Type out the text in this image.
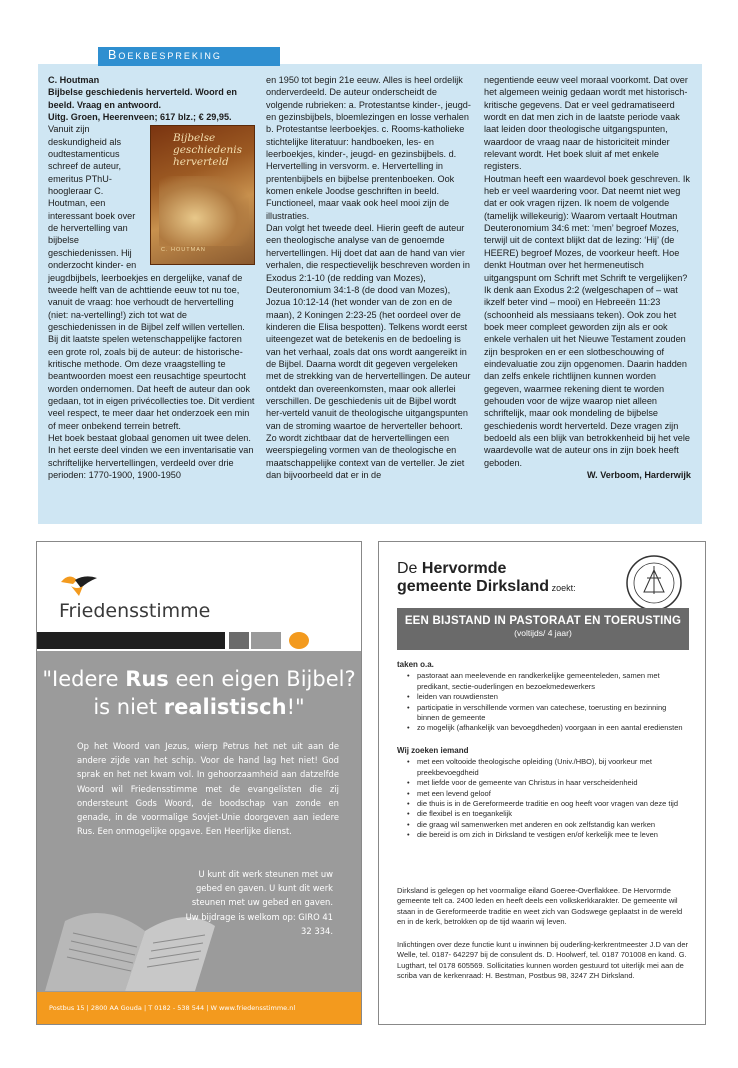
Boekbespreking

C. Houtman

Bijbelse geschiedenis herverteld. Woord en beeld. Vraag en antwoord.

Uitg. Groen, Heerenveen; 617 blz.; € 29,95.

Bijbelse geschiedenis herverteld
C. HOUTMAN

Vanuit zijn deskundigheid als oudtestamenticus schreef de auteur, emeritus PThU-hoogleraar C. Houtman, een interessant boek over de hervertelling van bijbelse geschiedenissen. Hij onderzocht kinder- en jeugdbijbels, leerboekjes en dergelijke, vanaf de tweede helft van de achttiende eeuw tot nu toe, vanuit de vraag: hoe verhoudt de hervertelling (niet: na-vertelling!) zich tot wat de geschiedenissen in de Bijbel zelf willen vertellen. Bij dit laatste spelen wetenschappelijke factoren een grote rol, zoals bij de auteur: de historische-kritische methode. Om deze vraagstelling te beantwoorden moest een reusachtige speurtocht worden ondernomen. Dat heeft de auteur dan ook gedaan, tot in eigen privécollecties toe. Dit verdient veel respect, te meer daar het onderzoek een min of meer onbekend terrein betreft.

Het boek bestaat globaal genomen uit twee delen. In het eerste deel vinden we een inventarisatie van schriftelijke hervertellingen, verdeeld over drie perioden: 1770-1900, 1900-1950

en 1950 tot begin 21e eeuw. Alles is heel ordelijk onderverdeeld. De auteur onderscheidt de volgende rubrieken: a. Protestantse kinder-, jeugd- en gezinsbijbels, bloemlezingen en losse verhalen b. Protestantse leerboekjes. c. Rooms-katholieke stichtelijke literatuur: handboeken, les- en leerboekjes, kinder-, jeugd- en gezinsbijbels. d. Hervertelling in versvorm. e. Hervertelling in prentenbijbels en bijbelse prentenboeken. Ook komen enkele Joodse geschriften in beeld. Functioneel, maar vaak ook heel mooi zijn de illustraties.

Dan volgt het tweede deel. Hierin geeft de auteur een theologische analyse van de genoemde hervertellingen. Hij doet dat aan de hand van vier verhalen, die respectievelijk beschreven worden in Exodus 2:1-10 (de redding van Mozes), Deuteronomium 34:1-8 (de dood van Mozes), Jozua 10:12-14 (het wonder van de zon en de maan), 2 Koningen 2:23-25 (het oordeel over de kinderen die Elisa bespotten). Telkens wordt eerst uiteengezet wat de betekenis en de bedoeling is van het verhaal, zoals dat ons wordt aangereikt in de Bijbel. Daarna wordt dit gegeven vergeleken met de strekking van de hervertellingen. De auteur ontdekt dan overeenkomsten, maar ook allerlei verschillen. De geschiedenis uit de Bijbel wordt her-verteld vanuit de theologische uitgangspunten van de stroming waartoe de herverteller behoort. Zo wordt zichtbaar dat de hervertellingen een weerspiegeling vormen van de theologische en maatschappelijke context van de verteller. Je ziet dan bijvoorbeeld dat er in de

negentiende eeuw veel moraal voorkomt. Dat over het algemeen weinig gedaan wordt met historisch-kritische gegevens. Dat er veel gedramatiseerd wordt en dat men zich in de laatste periode vaak laat leiden door theologische uitgangspunten, waardoor de vraag naar de historiciteit minder relevant wordt. Het boek sluit af met enkele registers.

Houtman heeft een waardevol boek geschreven. Ik heb er veel waardering voor. Dat neemt niet weg dat er ook vragen rijzen. Ik noem de volgende (tamelijk willekeurig): Waarom vertaalt Houtman Deuteronomium 34:6 met: ‘men’ begroef Mozes, terwijl uit de context blijkt dat de lezing: ‘Hij’ (de HEERE) begroef Mozes, de voorkeur heeft. Hoe denkt Houtman over het hermeneutisch uitgangspunt om Schrift met Schrift te vergelijken? Ik denk aan Exodus 2:2 (welgeschapen of – wat ikzelf beter vind – mooi) en Hebreeën 11:23 (schoonheid als messiaans teken). Ook zou het boek meer compleet geworden zijn als er ook enkele verhalen uit het Nieuwe Testament zouden zijn besproken en er een slotbeschouwing of eindevaluatie zou zijn opgenomen. Daarin hadden dan zelfs enkele richtlijnen kunnen worden gegeven, waarmee rekening dient te worden gehouden voor de wijze waarop niet alleen schriftelijk, maar ook mondeling de bijbelse geschiedenis wordt herverteld. Deze vragen zijn bedoeld als een blijk van betrokkenheid bij het vele waardevolle wat de auteur ons in zijn boek heeft geboden.

W. Verboom, Harderwijk

Friedensstimme
"Iedere Rus een eigen Bijbel?
is niet realistisch!"
Op het Woord van Jezus, wierp Petrus het net uit aan de andere zijde van het schip. Voor de hand lag het niet! God sprak en het net kwam vol. In gehoorzaamheid aan datzelfde Woord wil Friedensstimme met de evangelisten die zij ondersteunt Gods Woord, de boodschap van zonde en genade, in de voormalige Sovjet-Unie doorgeven aan iedere Rus. Een onmogelijke opgave. Een Heerlijke dienst.
U kunt dit werk steunen met uw gebed en gaven. U kunt dit werk steunen met uw gebed en gaven. Uw bijdrage is welkom op: GIRO 41 32 334.
Postbus 15 | 2800 AA Gouda | T 0182 - 538 544 | W www.friedensstimme.nl
De Hervormde
gemeente Dirksland zoekt:
EEN BIJSTAND IN PASTORAAT EN TOERUSTING
(voltijds/ 4 jaar)
taken o.a.
• pastoraat aan meelevende en randkerkelijke gemeenteleden, samen met predikant, sectie-ouderlingen en bezoekmedewerkers
• leiden van rouwdiensten
• participatie in verschillende vormen van catechese, toerusting en bezinning binnen de gemeente
• zo mogelijk (afhankelijk van bevoegdheden) voorgaan in een aantal erediensten
Wij zoeken iemand
• met een voltooide theologische opleiding (Univ./HBO), bij voorkeur met preekbevoegdheid
• met liefde voor de gemeente van Christus in haar verscheidenheid
• met een levend geloof
• die thuis is in de Gereformeerde traditie en oog heeft voor vragen van deze tijd
• die flexibel is en toegankelijk
• die graag wil samenwerken met anderen en ook zelfstandig kan werken
• die bereid is om zich in Dirksland te vestigen en/of kerkelijk mee te leven
Dirksland is gelegen op het voormalige eiland Goeree-Overflakkee. De Hervormde gemeente telt ca. 2400 leden en heeft deels een volkskerkkarakter. De gemeente wil staan in de Gereformeerde traditie en weet zich van Godswege geplaatst in de wereld en in de kerk, betrokken op de tijd waarin wij leven.
Inlichtingen over deze functie kunt u inwinnen bij ouderling-kerkrentmeester J.D van der Welle, tel. 0187- 642297 bij de consulent ds. D. Hoolwerf, tel. 0187 701008 en kand. G. Lugthart, tel 0178 605569. Sollicitaties kunnen worden gestuurd tot uiterlijk mei aan de scriba van de kerkenraad: H. Bestman, Postbus 98, 3247 ZH Dirksland.
